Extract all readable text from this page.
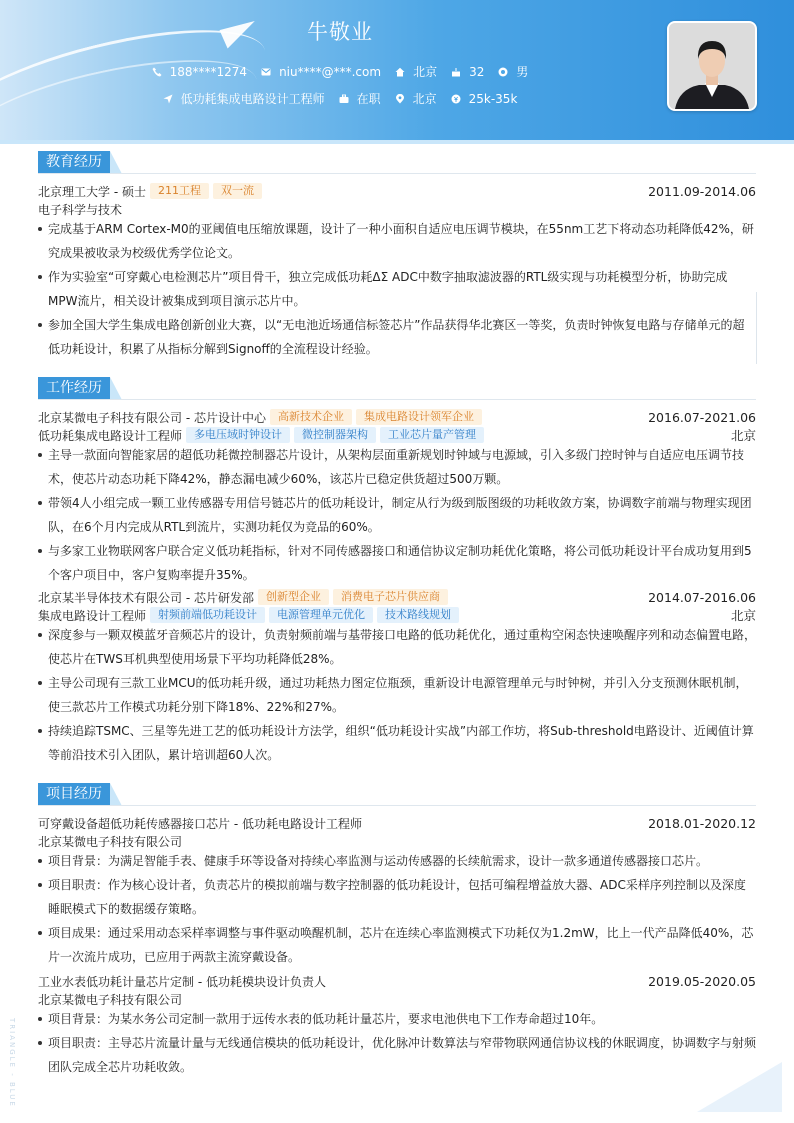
牛敬业
188****1274	niu****@***.com	北京	32	男
低功耗集成电路设计工程师	在职	北京	25k-35k
教育经历
北京理工大学 - 硕士	211工程	双一流	2011.09-2014.06
电子科学与技术
完成基于ARM Cortex-M0的亚阈值电压缩放课题，设计了一种小面积自适应电压调节模块，在55nm工艺下将动态功耗降低42%，研究成果被收录为校级优秀学位论文。
作为实验室“可穿戴心电检测芯片”项目骨干，独立完成低功耗ΔΣ ADC中数字抽取滤波器的RTL级实现与功耗模型分析，协助完成MPW流片，相关设计被集成到项目演示芯片中。
参加全国大学生集成电路创新创业大赛，以“无电池近场通信标签芯片”作品获得华北赛区一等奖，负责时钟恢复电路与存储单元的超低功耗设计，积累了从指标分解到Signoff的全流程设计经验。
工作经历
北京某微电子科技有限公司 - 芯片设计中心	高新技术企业	集成电路设计领军企业	2016.07-2021.06
低功耗集成电路设计工程师	多电压域时钟设计	微控制器架构	工业芯片量产管理	北京
主导一款面向智能家居的超低功耗微控制器芯片设计，从架构层面重新规划时钟域与电源域，引入多级门控时钟与自适应电压调节技术，使芯片动态功耗下降42%，静态漏电减少60%，该芯片已稳定供货超过500万颗。
带领4人小组完成一颗工业传感器专用信号链芯片的低功耗设计，制定从行为级到版图级的功耗收敛方案，协调数字前端与物理实现团队，在6个月内完成从RTL到流片，实测功耗仅为竞品的60%。
与多家工业物联网客户联合定义低功耗指标，针对不同传感器接口和通信协议定制功耗优化策略，将公司低功耗设计平台成功复用到5个客户项目中，客户复购率提升35%。
北京某半导体技术有限公司 - 芯片研发部	创新型企业	消费电子芯片供应商	2014.07-2016.06
集成电路设计工程师	射频前端低功耗设计	电源管理单元优化	技术路线规划	北京
深度参与一颗双模蓝牙音频芯片的设计，负责射频前端与基带接口电路的低功耗优化，通过重构空闲态快速唤醒序列和动态偏置电路，使芯片在TWS耳机典型使用场景下平均功耗降低28%。
主导公司现有三款工业MCU的低功耗升级，通过功耗热力图定位瓶颈，重新设计电源管理单元与时钟树，并引入分支预测休眠机制，使三款芯片工作模式功耗分别下降18%、22%和27%。
持续追踪TSMC、三星等先进工艺的低功耗设计方法学，组织“低功耗设计实战”内部工作坊，将Sub-threshold电路设计、近阈值计算等前沿技术引入团队，累计培训超60人次。
项目经历
可穿戴设备超低功耗传感器接口芯片 - 低功耗电路设计工程师	2018.01-2020.12
北京某微电子科技有限公司
项目背景：为满足智能手表、健康手环等设备对持续心率监测与运动传感器的长续航需求，设计一款多通道传感器接口芯片。
项目职责：作为核心设计者，负责芯片的模拟前端与数字控制器的低功耗设计，包括可编程增益放大器、ADC采样序列控制以及深度睡眠模式下的数据缓存策略。
项目成果：通过采用动态采样率调整与事件驱动唤醒机制，芯片在连续心率监测模式下功耗仅为1.2mW，比上一代产品降低40%，芯片一次流片成功，已应用于两款主流穿戴设备。
工业水表低功耗计量芯片定制 - 低功耗模块设计负责人	2019.05-2020.05
北京某微电子科技有限公司
项目背景：为某水务公司定制一款用于远传水表的低功耗计量芯片，要求电池供电下工作寿命超过10年。
项目职责：主导芯片流量计量与无线通信模块的低功耗设计，优化脉冲计数算法与窄带物联网通信协议栈的休眠调度，协调数字与射频团队完成全芯片功耗收敛。
TRIANGLE - BLUE
